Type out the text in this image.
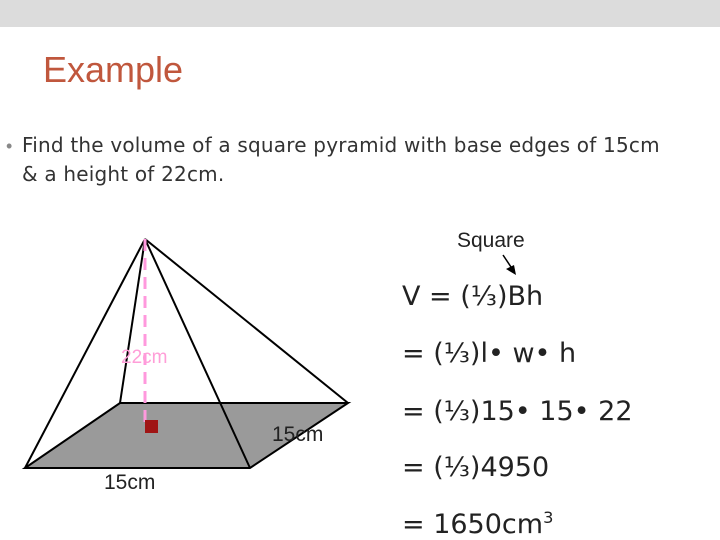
Example
• Find the volume of a square pyramid with base edges of 15cm & a height of 22cm.
Square
22cm
15cm
15cm
V = (⅓)Bh
= (⅓)l• w• h
= (⅓)15• 15• 22
= (⅓)4950
= $1650cm^3$
